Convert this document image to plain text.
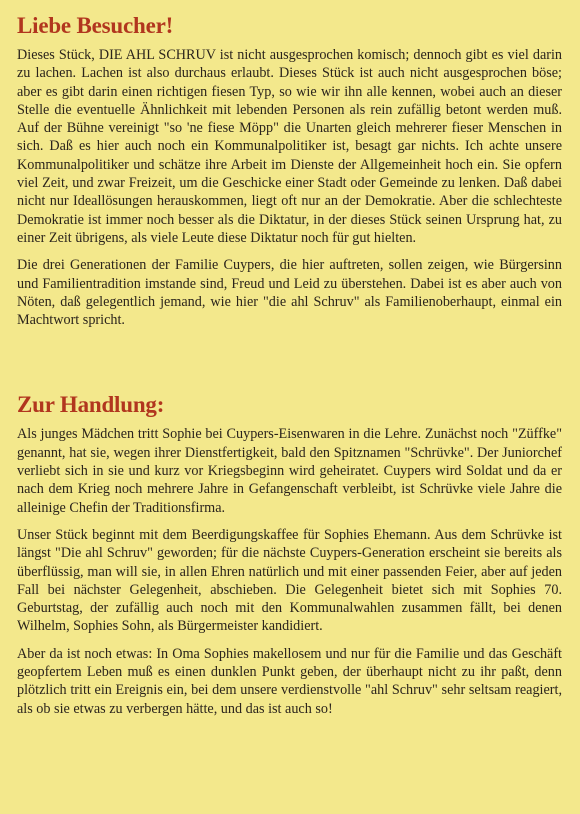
Liebe Besucher!

Dieses Stück, DIE AHL SCHRUV ist nicht ausgesprochen komisch; dennoch gibt es viel darin zu lachen. Lachen ist also durchaus erlaubt. Dieses Stück ist auch nicht ausgesprochen böse; aber es gibt darin einen richtigen fiesen Typ, so wie wir ihn alle kennen, wobei auch an dieser Stelle die eventuelle Ähnlichkeit mit lebenden Personen als rein zufällig betont werden muß. Auf der Bühne vereinigt "so 'ne fiese Möpp" die Unarten gleich mehrerer fieser Menschen in sich. Daß es hier auch noch ein Kommunalpolitiker ist, besagt gar nichts. Ich achte unsere Kommunalpolitiker und schätze ihre Arbeit im Dienste der Allgemeinheit hoch ein. Sie opfern viel Zeit, und zwar Freizeit, um die Geschicke einer Stadt oder Gemeinde zu lenken. Daß dabei nicht nur Ideallösungen herauskommen, liegt oft nur an der Demokratie. Aber die schlechteste Demokratie ist immer noch besser als die Diktatur, in der dieses Stück seinen Ursprung hat, zu einer Zeit übrigens, als viele Leute diese Diktatur noch für gut hielten.

Die drei Generationen der Familie Cuypers, die hier auftreten, sollen zeigen, wie Bürgersinn und Familientradition imstande sind, Freud und Leid zu überstehen. Dabei ist es aber auch von Nöten, daß gelegentlich jemand, wie hier "die ahl Schruv" als Familienoberhaupt, einmal ein Machtwort spricht.

Zur Handlung:

Als junges Mädchen tritt Sophie bei Cuypers-Eisenwaren in die Lehre. Zunächst noch "Züffke" genannt, hat sie, wegen ihrer Dienstfertigkeit, bald den Spitznamen "Schrüvke". Der Juniorchef verliebt sich in sie und kurz vor Kriegsbeginn wird geheiratet. Cuypers wird Soldat und da er nach dem Krieg noch mehrere Jahre in Gefangenschaft verbleibt, ist Schrüvke viele Jahre die alleinige Chefin der Traditionsfirma.

Unser Stück beginnt mit dem Beerdigungskaffee für Sophies Ehemann. Aus dem Schrüvke ist längst "Die ahl Schruv" geworden; für die nächste Cuypers-Generation erscheint sie bereits als überflüssig, man will sie, in allen Ehren natürlich und mit einer passenden Feier, aber auf jeden Fall bei nächster Gelegenheit, abschieben. Die Gelegenheit bietet sich mit Sophies 70. Geburtstag, der zufällig auch noch mit den Kommunalwahlen zusammen fällt, bei denen Wilhelm, Sophies Sohn, als Bürgermeister kandidiert.

Aber da ist noch etwas: In Oma Sophies makellosem und nur für die Familie und das Geschäft geopfertem Leben muß es einen dunklen Punkt geben, der überhaupt nicht zu ihr paßt, denn plötzlich tritt ein Ereignis ein, bei dem unsere verdienstvolle "ahl Schruv" sehr seltsam reagiert, als ob sie etwas zu verbergen hätte, und das ist auch so!
